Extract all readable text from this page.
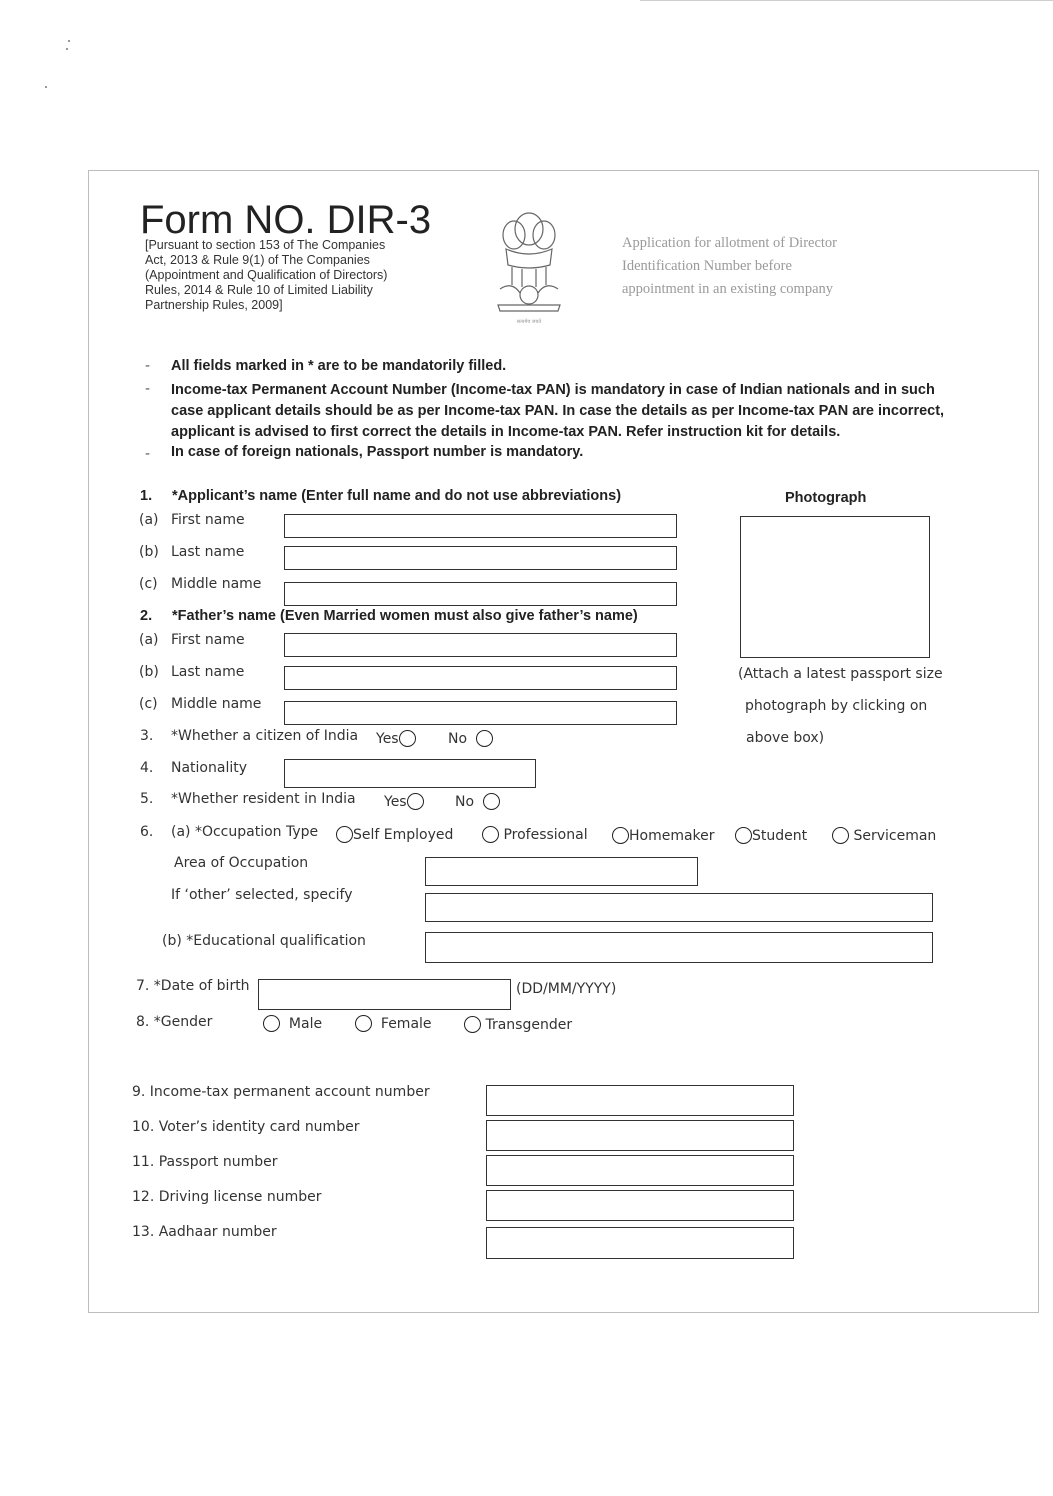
Form NO. DIR-3
[Pursuant to section 153 of The Companies
Act, 2013 & Rule 9(1) of The Companies
(Appointment and Qualification of Directors)
Rules, 2014 & Rule 10 of Limited Liability
Partnership Rules, 2009]
सत्यमेव जयते
Application for allotment of Director
Identification Number before
appointment in an existing company
- All fields marked in * are to be mandatorily filled.
- Income-tax Permanent Account Number (Income-tax PAN) is mandatory in case of Indian nationals and in such case applicant details should be as per Income-tax PAN. In case the details as per Income-tax PAN are incorrect, applicant is advised to first correct the details in Income-tax PAN. Refer instruction kit for details.
- In case of foreign nationals, Passport number is mandatory.
1. *Applicant’s name (Enter full name and do not use abbreviations)
(a) First name
(b) Last name
(c) Middle name
Photograph
(Attach a latest passport size
photograph by clicking on
above box)
2. *Father’s name (Even Married women must also give father’s name)
(a) First name
(b) Last name
(c) Middle name
3. *Whether a citizen of India Yes	No
4. Nationality
5. *Whether resident in India Yes	No
6. (a) *Occupation Type	Self Employed	Professional	Homemaker	Student	Serviceman
Area of Occupation
If ‘other’ selected, specify
(b) *Educational qualification
7. *Date of birth	(DD/MM/YYYY)
8. *Gender	Male	Female	Transgender
9. Income-tax permanent account number
10. Voter’s identity card number
11. Passport number
12. Driving license number
13. Aadhaar number
